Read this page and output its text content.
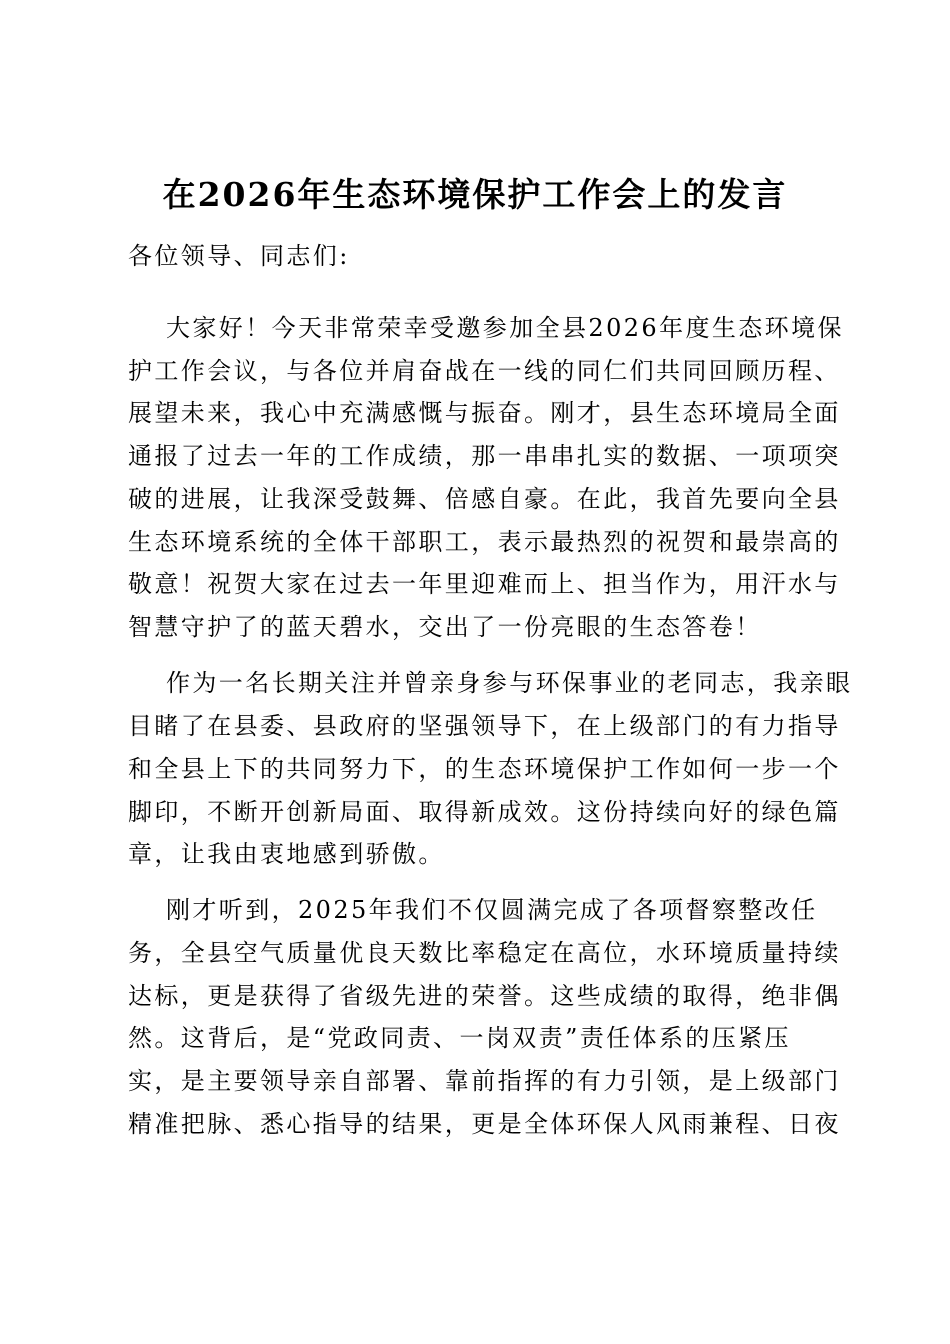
在2026年生态环境保护工作会上的发言
各位领导、同志们:
大家好！今天非常荣幸受邀参加全县2026年度生态环境保
护工作会议，与各位并肩奋战在一线的同仁们共同回顾历程、
展望未来，我心中充满感慨与振奋。刚才，县生态环境局全面
通报了过去一年的工作成绩，那一串串扎实的数据、一项项突
破的进展，让我深受鼓舞、倍感自豪。在此，我首先要向全县
生态环境系统的全体干部职工，表示最热烈的祝贺和最崇高的
敬意！祝贺大家在过去一年里迎难而上、担当作为，用汗水与
智慧守护了的蓝天碧水，交出了一份亮眼的生态答卷！
作为一名长期关注并曾亲身参与环保事业的老同志，我亲眼
目睹了在县委、县政府的坚强领导下，在上级部门的有力指导
和全县上下的共同努力下，的生态环境保护工作如何一步一个
脚印，不断开创新局面、取得新成效。这份持续向好的绿色篇
章，让我由衷地感到骄傲。
刚才听到，2025年我们不仅圆满完成了各项督察整改任
务，全县空气质量优良天数比率稳定在高位，水环境质量持续
达标，更是获得了省级先进的荣誉。这些成绩的取得，绝非偶
然。这背后，是“党政同责、一岗双责”责任体系的压紧压
实，是主要领导亲自部署、靠前指挥的有力引领，是上级部门
精准把脉、悉心指导的结果，更是全体环保人风雨兼程、日夜
